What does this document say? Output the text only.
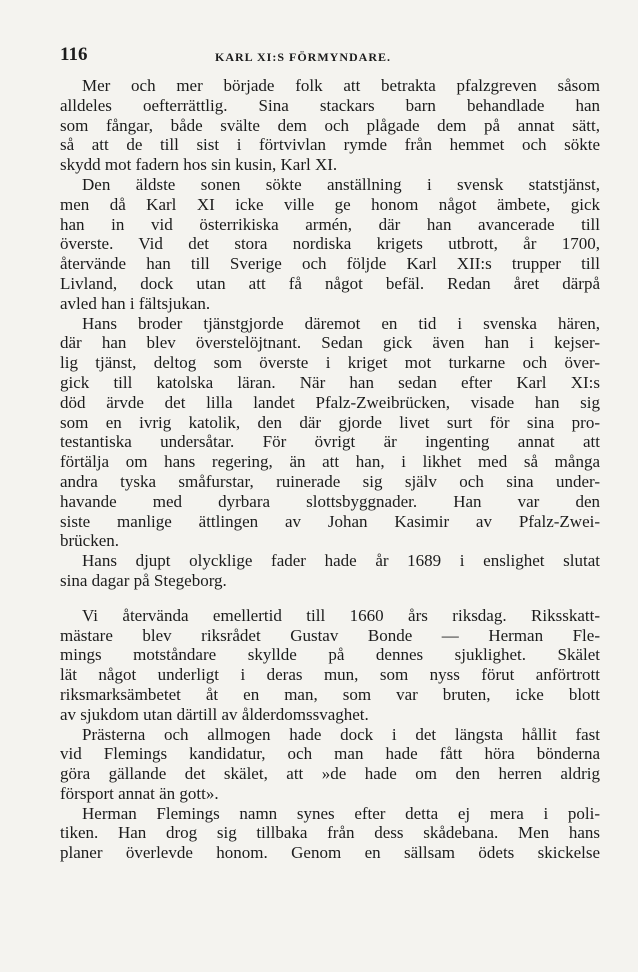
116	KARL XI:S FÖRMYNDARE.
Mer och mer började folk att betrakta pfalzgreven såsom
alldeles oefterrättlig. Sina stackars barn behandlade han
som fångar, både svälte dem och plågade dem på annat sätt,
så att de till sist i förtvivlan rymde från hemmet och sökte
skydd mot fadern hos sin kusin, Karl XI.
Den äldste sonen sökte anställning i svensk statstjänst,
men då Karl XI icke ville ge honom något ämbete, gick
han in vid österrikiska armén, där han avancerade till
överste. Vid det stora nordiska krigets utbrott, år 1700,
återvände han till Sverige och följde Karl XII:s trupper till
Livland, dock utan att få något befäl. Redan året därpå
avled han i fältsjukan.
Hans broder tjänstgjorde däremot en tid i svenska hären,
där han blev överstelöjtnant. Sedan gick även han i kejser-
lig tjänst, deltog som överste i kriget mot turkarne och över-
gick till katolska läran. När han sedan efter Karl XI:s
död ärvde det lilla landet Pfalz-Zweibrücken, visade han sig
som en ivrig katolik, den där gjorde livet surt för sina pro-
testantiska undersåtar. För övrigt är ingenting annat att
förtälja om hans regering, än att han, i likhet med så många
andra tyska småfurstar, ruinerade sig själv och sina under-
havande med dyrbara slottsbyggnader. Han var den
siste manlige ättlingen av Johan Kasimir av Pfalz-Zwei-
brücken.
Hans djupt olycklige fader hade år 1689 i enslighet slutat
sina dagar på Stegeborg.
Vi återvända emellertid till 1660 års riksdag. Riksskatt-
mästare blev riksrådet Gustav Bonde — Herman Fle-
mings motståndare skyllde på dennes sjuklighet. Skälet
lät något underligt i deras mun, som nyss förut anförtrott
riksmarksämbetet åt en man, som var bruten, icke blott
av sjukdom utan därtill av ålderdomssvaghet.
Prästerna och allmogen hade dock i det längsta hållit fast
vid Flemings kandidatur, och man hade fått höra bönderna
göra gällande det skälet, att »de hade om den herren aldrig
försport annat än gott».
Herman Flemings namn synes efter detta ej mera i poli-
tiken. Han drog sig tillbaka från dess skådebana. Men hans
planer överlevde honom. Genom en sällsam ödets skickelse
